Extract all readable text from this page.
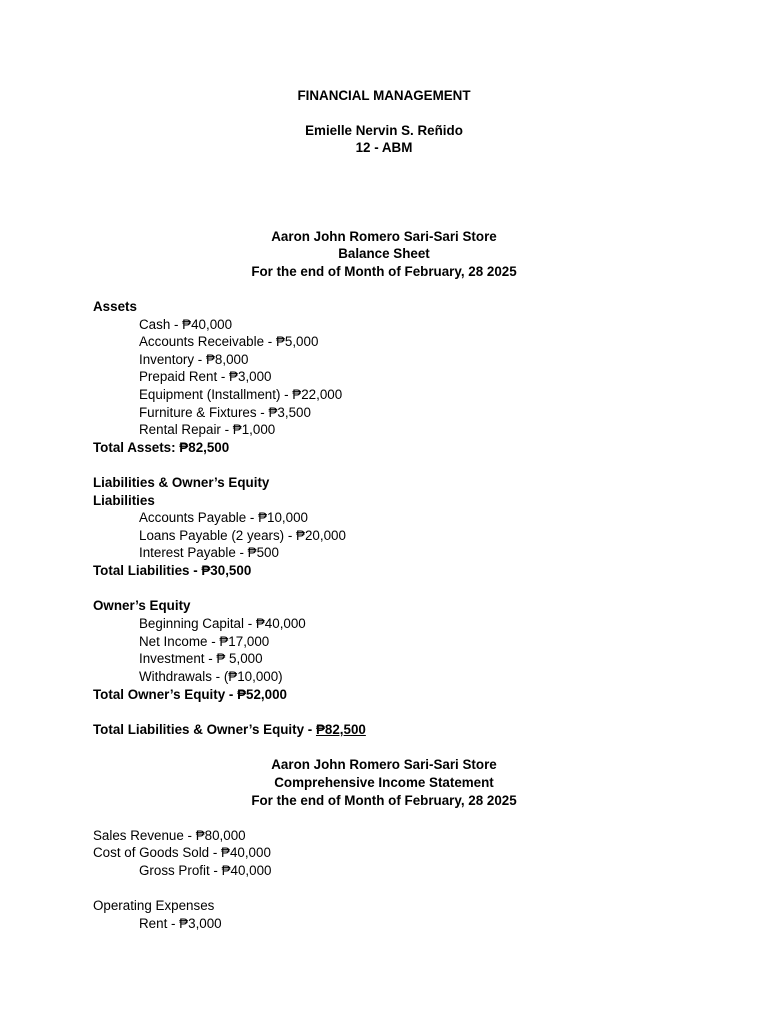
FINANCIAL MANAGEMENT
Emielle Nervin S. Reñido
12 - ABM
Aaron John Romero Sari-Sari Store
Balance Sheet
For the end of Month of February, 28 2025
Assets
Cash - ₱40,000
Accounts Receivable - ₱5,000
Inventory - ₱8,000
Prepaid Rent - ₱3,000
Equipment (Installment) - ₱22,000
Furniture & Fixtures - ₱3,500
Rental Repair - ₱1,000
Total Assets: ₱82,500
Liabilities & Owner’s Equity
Liabilities
Accounts Payable - ₱10,000
Loans Payable (2 years) - ₱20,000
Interest Payable - ₱500
Total Liabilities - ₱30,500
Owner’s Equity
Beginning Capital - ₱40,000
Net Income - ₱17,000
Investment - ₱ 5,000
Withdrawals - (₱10,000)
Total Owner’s Equity - ₱52,000
Total Liabilities & Owner’s Equity - ₱82,500
Aaron John Romero Sari-Sari Store
Comprehensive Income Statement
For the end of Month of February, 28 2025
Sales Revenue - ₱80,000
Cost of Goods Sold - ₱40,000
Gross Profit - ₱40,000
Operating Expenses
Rent - ₱3,000
